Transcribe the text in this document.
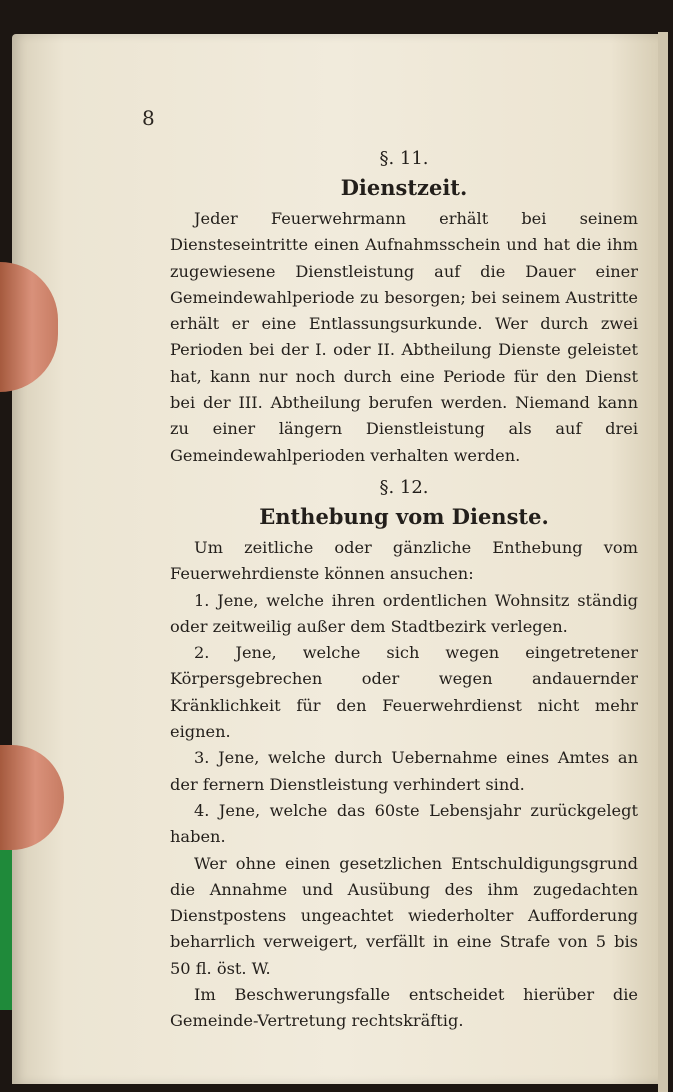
8

§. 11.

Dienstzeit.

Jeder Feuerwehrmann erhält bei seinem Diensteseintritte einen Aufnahmsschein und hat die ihm zugewiesene Dienstleistung auf die Dauer einer Gemeindewahlperiode zu besorgen; bei seinem Austritte erhält er eine Entlassungsurkunde. Wer durch zwei Perioden bei der I. oder II. Abtheilung Dienste geleistet hat, kann nur noch durch eine Periode für den Dienst bei der III. Abtheilung berufen werden. Niemand kann zu einer längern Dienstleistung als auf drei Gemeindewahlperioden verhalten werden.

§. 12.

Enthebung vom Dienste.

Um zeitliche oder gänzliche Enthebung vom Feuerwehrdienste können ansuchen:

1. Jene, welche ihren ordentlichen Wohnsitz ständig oder zeitweilig außer dem Stadtbezirk verlegen.

2. Jene, welche sich wegen eingetretener Körpersgebrechen oder wegen andauernder Kränklichkeit für den Feuerwehrdienst nicht mehr eignen.

3. Jene, welche durch Uebernahme eines Amtes an der fernern Dienstleistung verhindert sind.

4. Jene, welche das 60ste Lebensjahr zurückgelegt haben.

Wer ohne einen gesetzlichen Entschuldigungsgrund die Annahme und Ausübung des ihm zugedachten Dienstpostens ungeachtet wiederholter Aufforderung beharrlich verweigert, verfällt in eine Strafe von 5 bis 50 fl. öst. W.

Im Beschwerungsfalle entscheidet hierüber die Gemeinde-Vertretung rechtskräftig.
